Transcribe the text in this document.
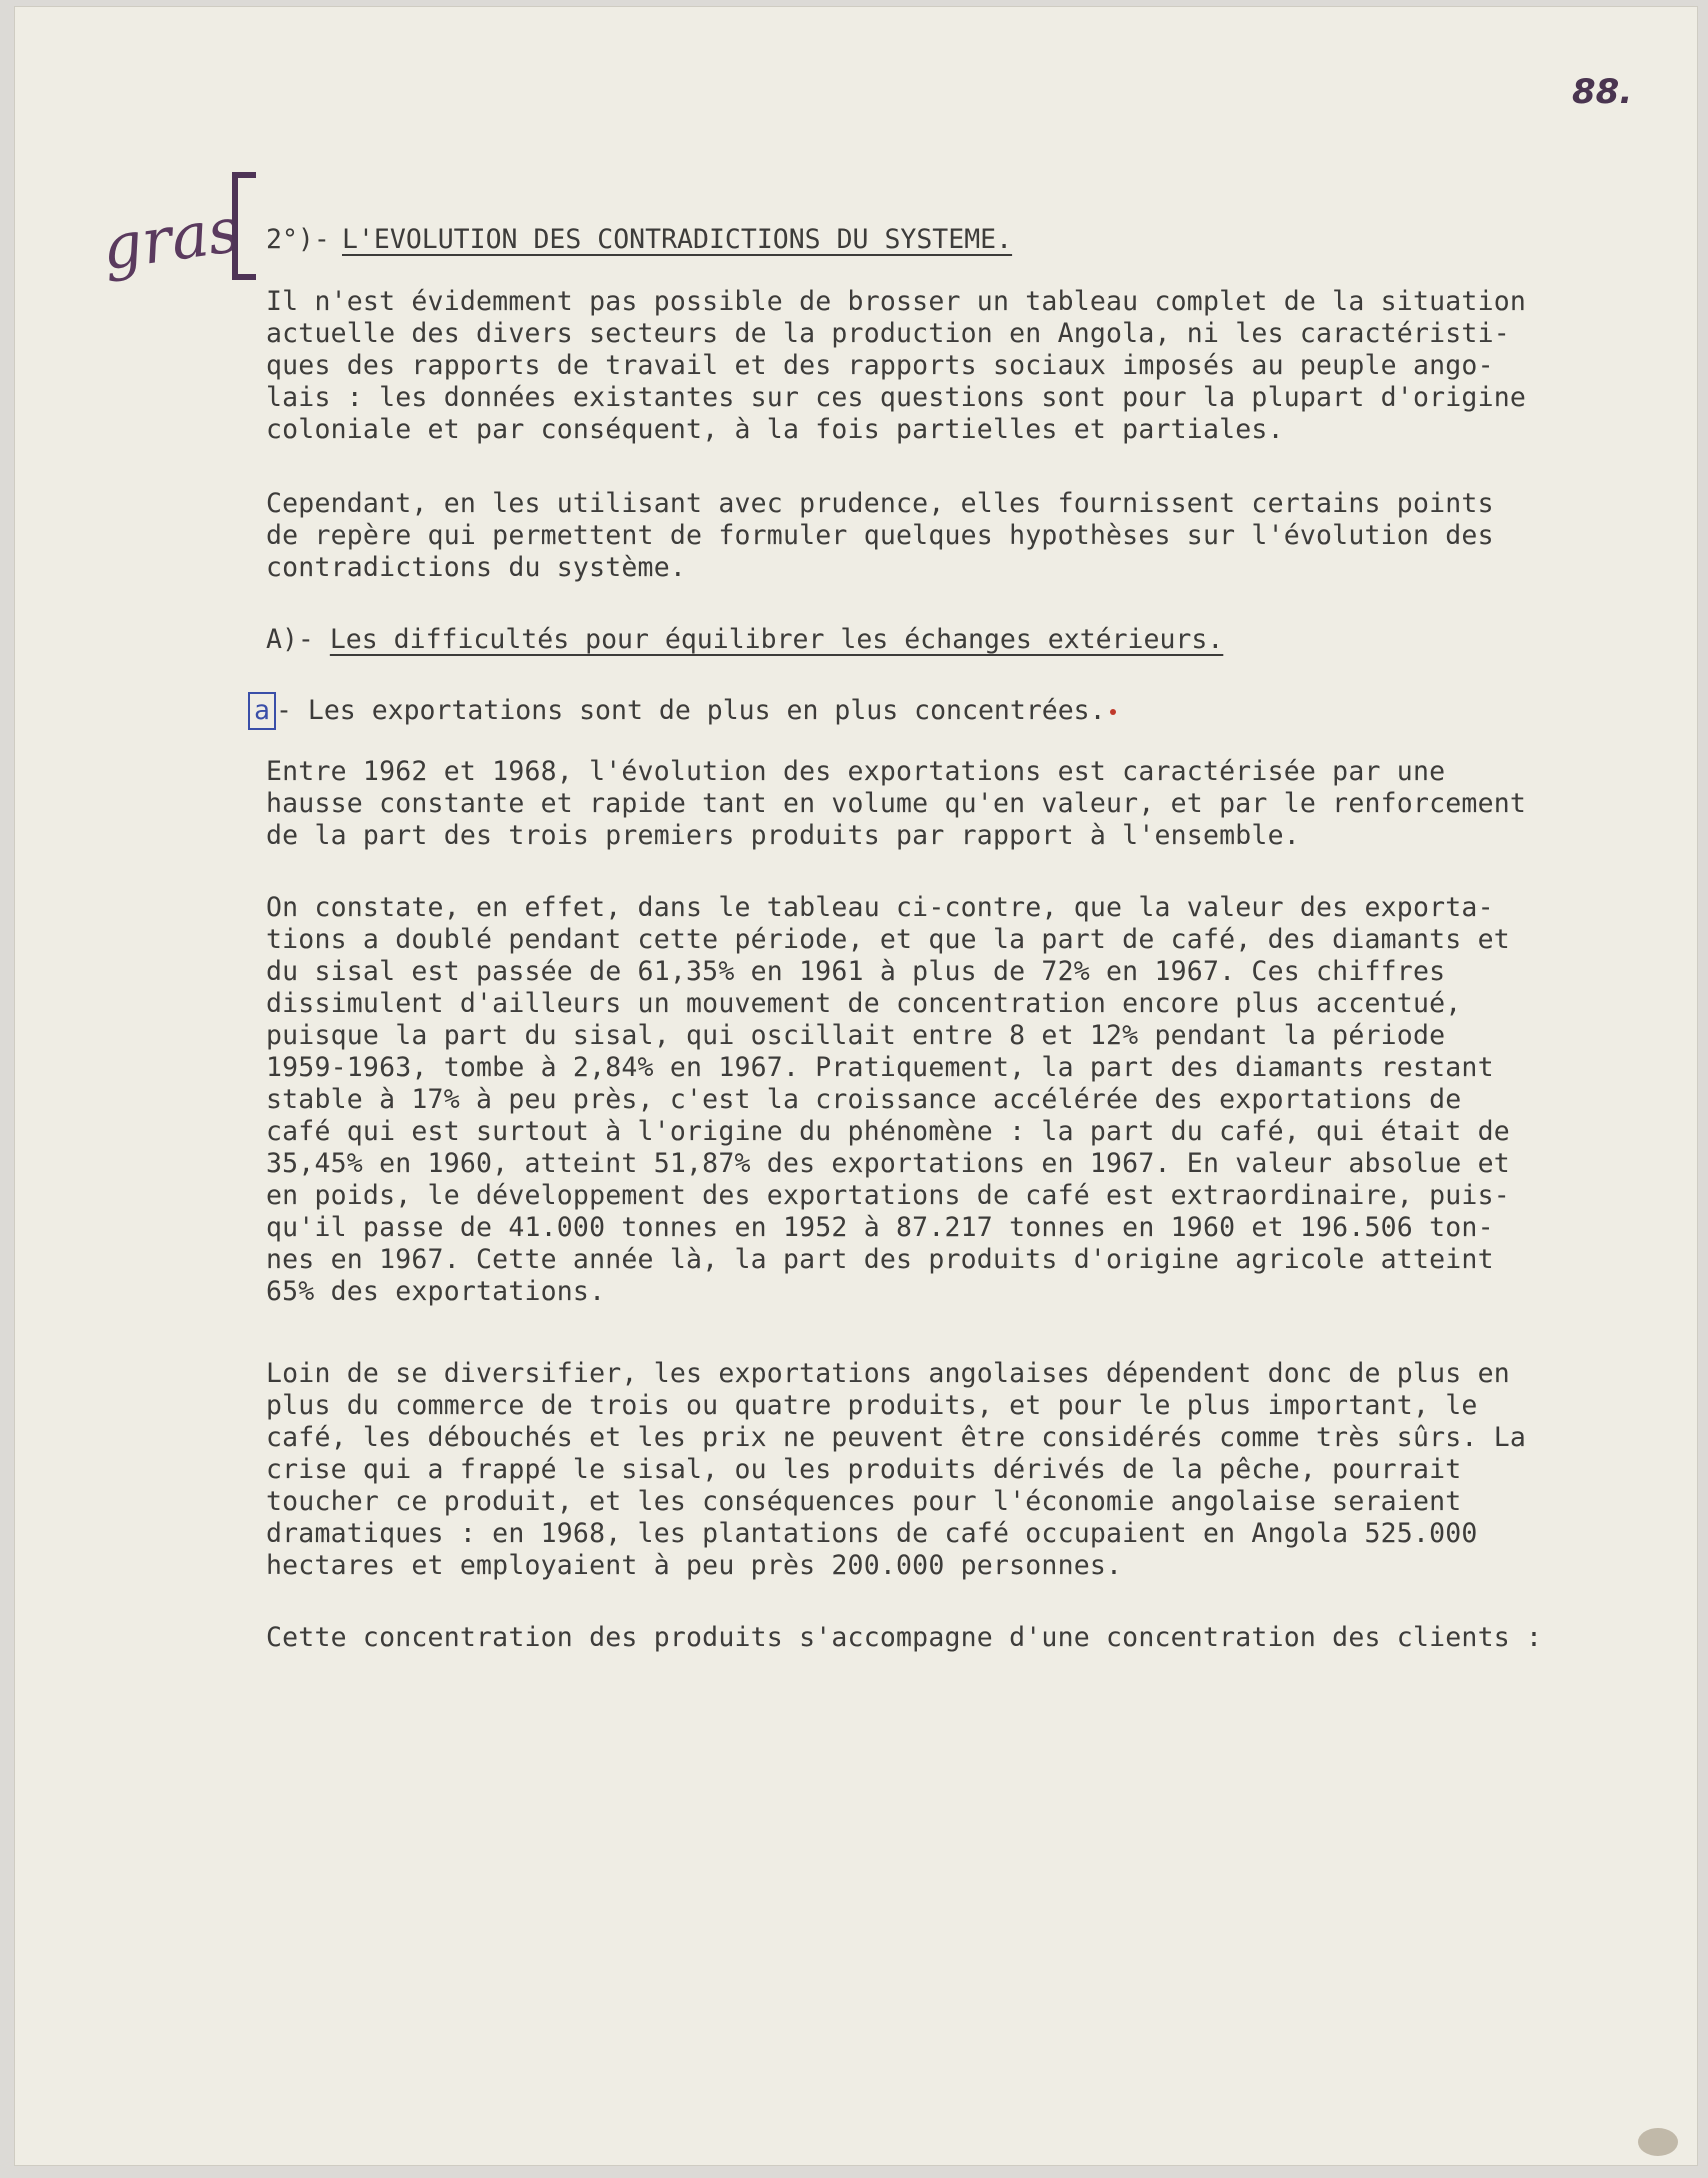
88.
gras 2°)- L'EVOLUTION DES CONTRADICTIONS DU SYSTEME.

Il n'est évidemment pas possible de brosser un tableau complet de la situation
actuelle des divers secteurs de la production en Angola, ni les caractéristi-
ques des rapports de travail et des rapports sociaux imposés au peuple ango-
lais : les données existantes sur ces questions sont pour la plupart d'origine
coloniale et par conséquent, à la fois partielles et partiales.

Cependant, en les utilisant avec prudence, elles fournissent certains points
de repère qui permettent de formuler quelques hypothèses sur l'évolution des
contradictions du système.

A)- Les difficultés pour équilibrer les échanges extérieurs.
a - Les exportations sont de plus en plus concentrées.

Entre 1962 et 1968, l'évolution des exportations est caractérisée par une
hausse constante et rapide tant en volume qu'en valeur, et par le renforcement
de la part des trois premiers produits par rapport à l'ensemble.

On constate, en effet, dans le tableau ci-contre, que la valeur des exporta-
tions a doublé pendant cette période, et que la part de café, des diamants et
du sisal est passée de 61,35% en 1961 à plus de 72% en 1967. Ces chiffres
dissimulent d'ailleurs un mouvement de concentration encore plus accentué,
puisque la part du sisal, qui oscillait entre 8 et 12% pendant la période
1959-1963, tombe à 2,84% en 1967. Pratiquement, la part des diamants restant
stable à 17% à peu près, c'est la croissance accélérée des exportations de
café qui est surtout à l'origine du phénomène : la part du café, qui était de
35,45% en 1960, atteint 51,87% des exportations en 1967. En valeur absolue et
en poids, le développement des exportations de café est extraordinaire, puis-
qu'il passe de 41.000 tonnes en 1952 à 87.217 tonnes en 1960 et 196.506 ton-
nes en 1967. Cette année là, la part des produits d'origine agricole atteint
65% des exportations.

Loin de se diversifier, les exportations angolaises dépendent donc de plus en
plus du commerce de trois ou quatre produits, et pour le plus important, le
café, les débouchés et les prix ne peuvent être considérés comme très sûrs. La
crise qui a frappé le sisal, ou les produits dérivés de la pêche, pourrait
toucher ce produit, et les conséquences pour l'économie angolaise seraient
dramatiques : en 1968, les plantations de café occupaient en Angola 525.000
hectares et employaient à peu près 200.000 personnes.

Cette concentration des produits s'accompagne d'une concentration des clients :
